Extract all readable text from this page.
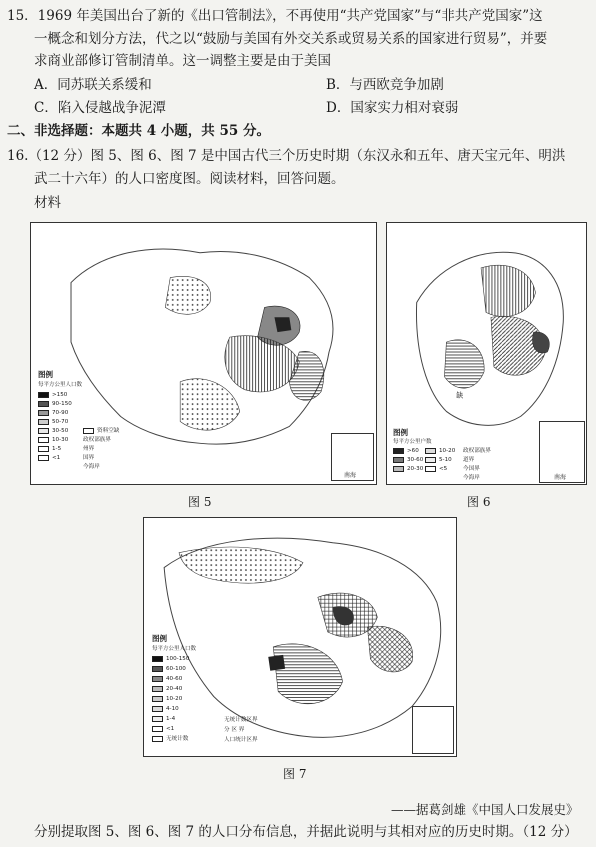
15．1969 年美国出台了新的《出口管制法》，不再使用“共产党国家”与“非共产党国家”这
一概念和划分方法，代之以“鼓励与美国有外交关系或贸易关系的国家进行贸易”，并要
求商业部修订管制清单。这一调整主要是由于美国
A．同苏联关系缓和	B．与西欧竞争加剧
C．陷入侵越战争泥潭	D．国家实力相对衰弱
二、非选择题：本题共 4 小题，共 55 分。
16.（12 分）图 5、图 6、图 7 是中国古代三个历史时期（东汉永和五年、唐天宝元年、明洪
武二十六年）的人口密度图。阅读材料，回答问题。
材料
图例
每平方公里人口数
>150
90-150
70-90
50-70
30-50
10-30
1-5
<1
资料空缺
政权部族界
州界
国界
今海岸
南海
图 5
缺
图例
每平方公里户数
>60
30-60
20-30
10-20
5-10
<5
政权部族界
道界
今国界
今海岸	南海
图 6
图例
每平方公里人口数
100-150
60-100
40-60
20-40
10-20
4-10
1-4
<1
无统计数
无统计数区界
分 区 界
人口统计区界
图 7
——据葛剑雄《中国人口发展史》
分别提取图 5、图 6、图 7 的人口分布信息，并据此说明与其相对应的历史时期。（12 分）
